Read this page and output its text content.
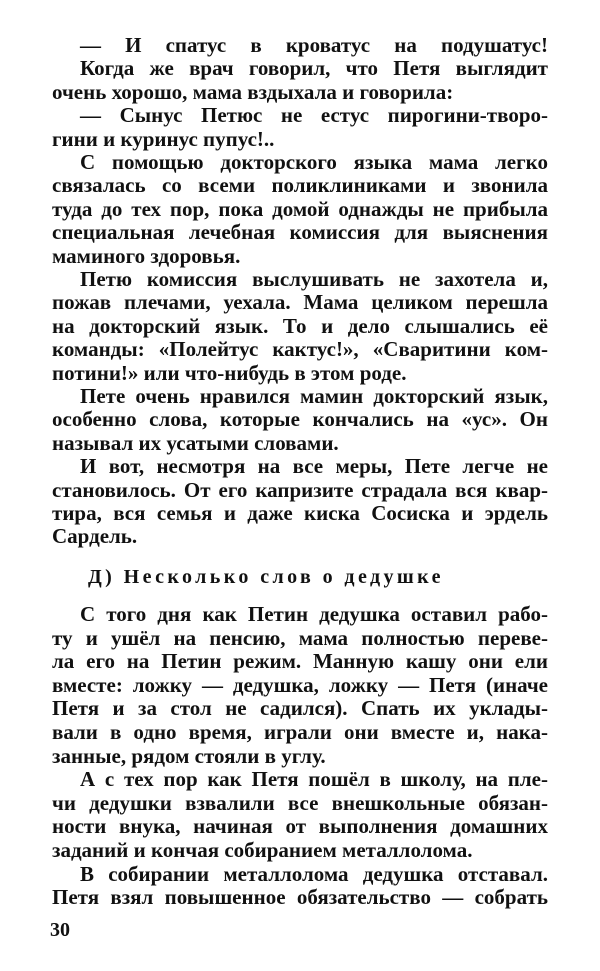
— И спатус в кроватус на подушатус!
Когда же врач говорил, что Петя выглядит
очень хорошо, мама вздыхала и говорила:
— Сынус Петюс не естус пирогини-творо-
гини и куринус пупус!..
С помощью докторского языка мама легко
связалась со всеми поликлиниками и звонила
туда до тех пор, пока домой однажды не прибыла
специальная лечебная комиссия для выяснения
маминого здоровья.
Петю комиссия выслушивать не захотела и,
пожав плечами, уехала. Мама целиком перешла
на докторский язык. То и дело слышались её
команды: «Полейтус кактус!», «Сваритини ком-
потини!» или что-нибудь в этом роде.
Пете очень нравился мамин докторский язык,
особенно слова, которые кончались на «ус». Он
называл их усатыми словами.
И вот, несмотря на все меры, Пете легче не
становилось. От его капризите страдала вся квар-
тира, вся семья и даже киска Сосиска и эрдель
Сардель.
С того дня как Петин дедушка оставил рабо-
ту и ушёл на пенсию, мама полностью переве-
ла его на Петин режим. Манную кашу они ели
вместе: ложку — дедушка, ложку — Петя (иначе
Петя и за стол не садился). Спать их уклады-
вали в одно время, играли они вместе и, нака-
занные, рядом стояли в углу.
А с тех пор как Петя пошёл в школу, на пле-
чи дедушки взвалили все внешкольные обязан-
ности внука, начиная от выполнения домашних
заданий и кончая собиранием металлолома.
В собирании металлолома дедушка отставал.
Петя взял повышенное обязательство — собрать
Д) Несколько слов о дедушке
30
